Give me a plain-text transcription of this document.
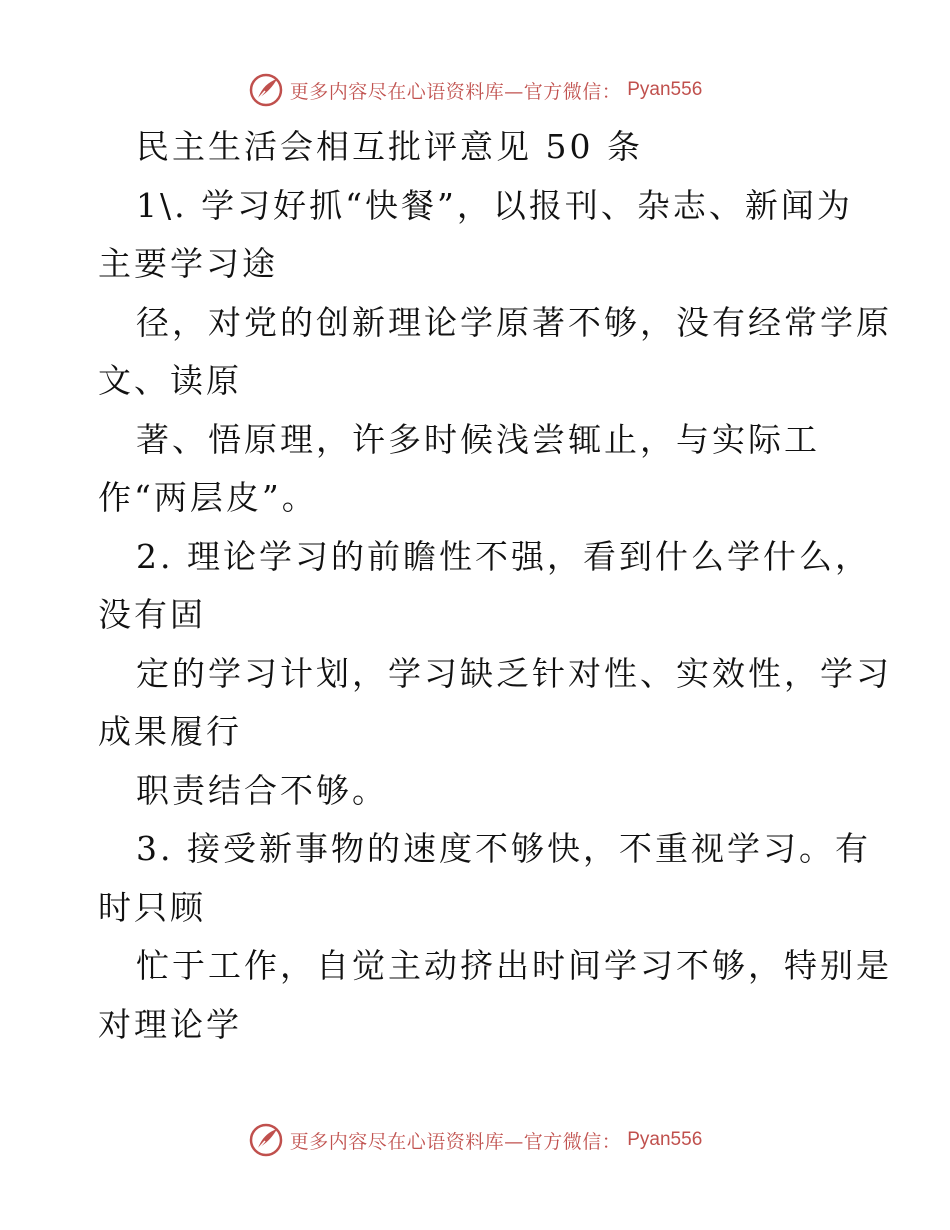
更多内容尽在心语资料库—官方微信： Pyan556
民主生活会相互批评意见 50 条
1\. 学习好抓“快餐”，以报刊、杂志、新闻为
主要学习途
径，对党的创新理论学原著不够，没有经常学原
文、读原
著、悟原理，许多时候浅尝辄止，与实际工
作“两层皮”。
2. 理论学习的前瞻性不强，看到什么学什么，
没有固
定的学习计划，学习缺乏针对性、实效性，学习
成果履行
职责结合不够。
3. 接受新事物的速度不够快，不重视学习。有
时只顾
忙于工作，自觉主动挤出时间学习不够，特别是
对理论学
更多内容尽在心语资料库—官方微信： Pyan556
